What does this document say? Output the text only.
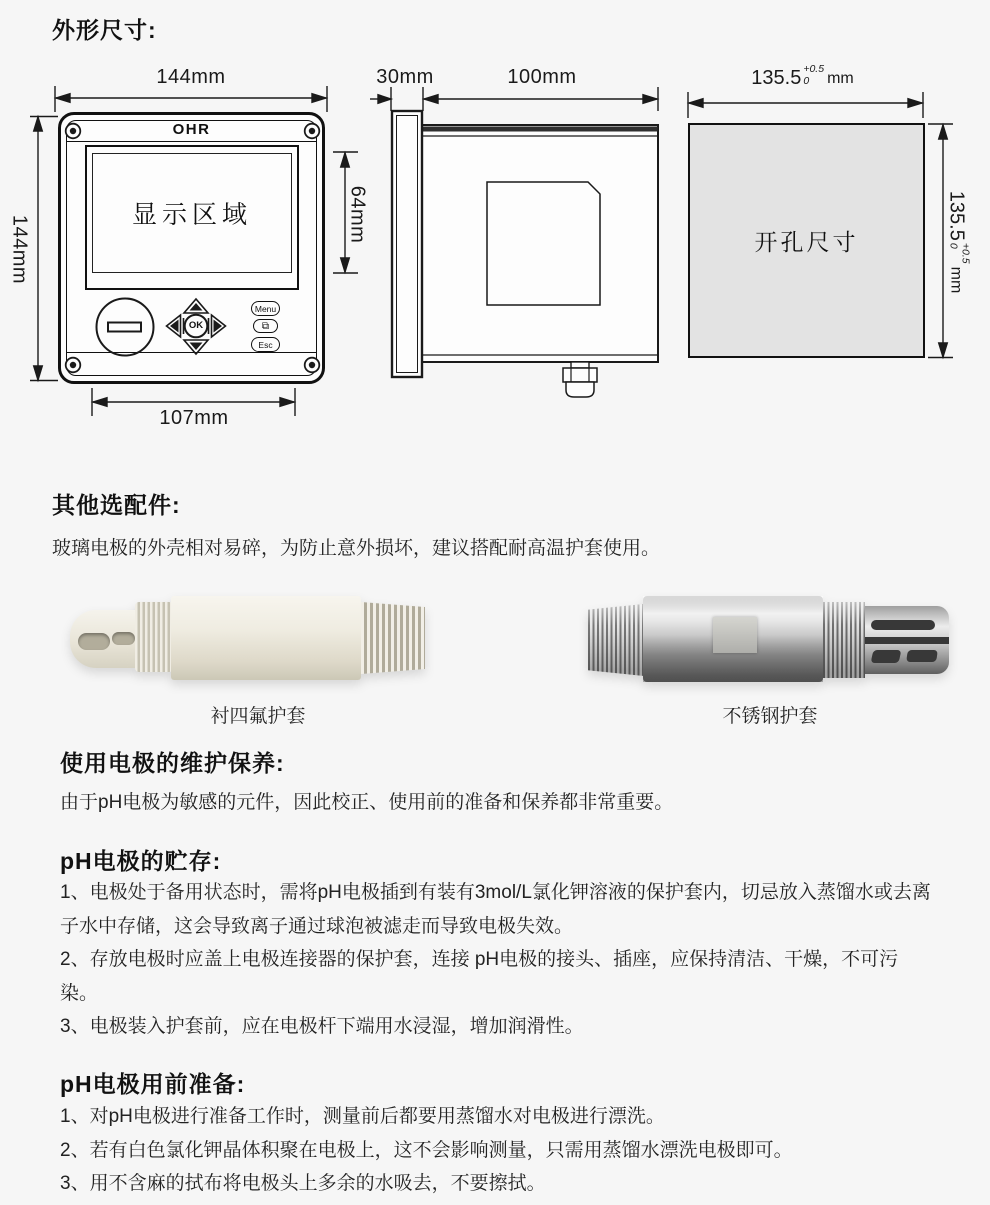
外形尺寸:
OHR
显示区域
OK
Menu
⧉
Esc
开孔尺寸
144mm
144mm
64mm
107mm
30mm	100mm	135.5 +0.5
0	mm
135.5
+0.5
0
mm
其他选配件:
玻璃电极的外壳相对易碎，为防止意外损坏，建议搭配耐高温护套使用。
衬四氟护套	不锈钢护套
使用电极的维护保养:
由于pH电极为敏感的元件，因此校正、使用前的准备和保养都非常重要。
pH电极的贮存:

1、电极处于备用状态时，需将pH电极插到有装有3mol/L氯化钾溶液的保护套内，切忌放入蒸馏水或去离子水中存储，这会导致离子通过球泡被滤走而导致电极失效。

2、存放电极时应盖上电极连接器的保护套，连接 pH电极的接头、插座，应保持清洁、干燥，不可污染。

3、电极装入护套前，应在电极杆下端用水浸湿，增加润滑性。

pH电极用前准备:

1、对pH电极进行准备工作时，测量前后都要用蒸馏水对电极进行漂洗。

2、若有白色氯化钾晶体积聚在电极上，这不会影响测量，只需用蒸馏水漂洗电极即可。

3、用不含麻的拭布将电极头上多余的水吸去，不要擦拭。
